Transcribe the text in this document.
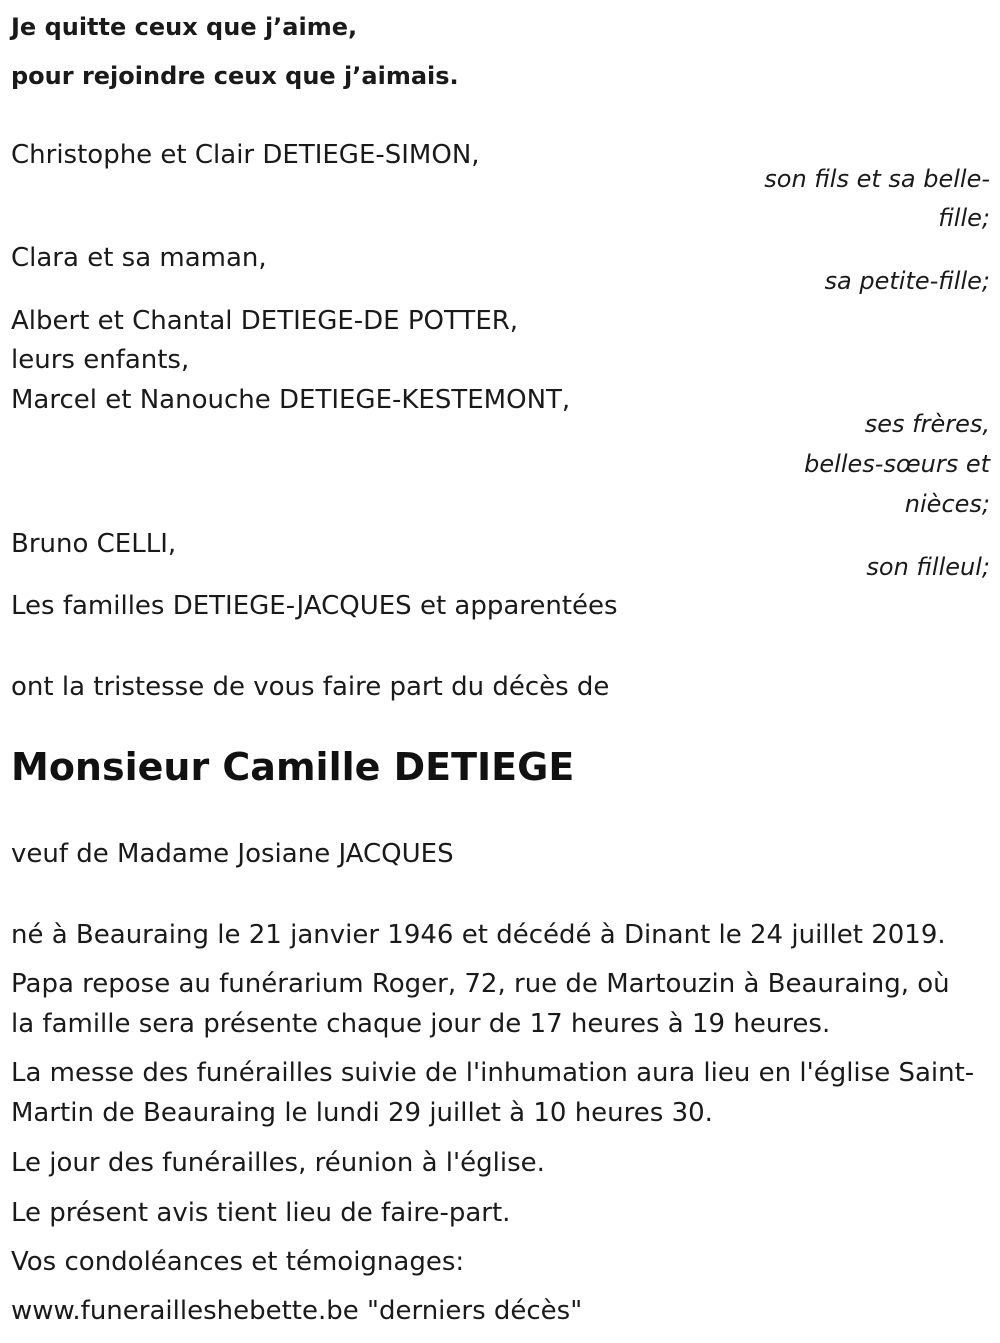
Je quitte ceux que j’aime,
pour rejoindre ceux que j’aimais.
Christophe et Clair DETIEGE-SIMON,
son fils et sa belle-
fille;
Clara et sa maman,
sa petite-fille;
Albert et Chantal DETIEGE-DE POTTER,
leurs enfants,
Marcel et Nanouche DETIEGE-KESTEMONT,
ses frères,
belles-sœurs et
nièces;
Bruno CELLI,
son filleul;
Les familles DETIEGE-JACQUES et apparentées
ont la tristesse de vous faire part du décès de
Monsieur Camille DETIEGE
veuf de Madame Josiane JACQUES
né à Beauraing le 21 janvier 1946 et décédé à Dinant le 24 juillet 2019.
Papa repose au funérarium Roger, 72, rue de Martouzin à Beauraing, où
la famille sera présente chaque jour de 17 heures à 19 heures.
La messe des funérailles suivie de l'inhumation aura lieu en l'église Saint-
Martin de Beauraing le lundi 29 juillet à 10 heures 30.
Le jour des funérailles, réunion à l'église.
Le présent avis tient lieu de faire-part.
Vos condoléances et témoignages:
www.funerailleshebette.be "derniers décès"
